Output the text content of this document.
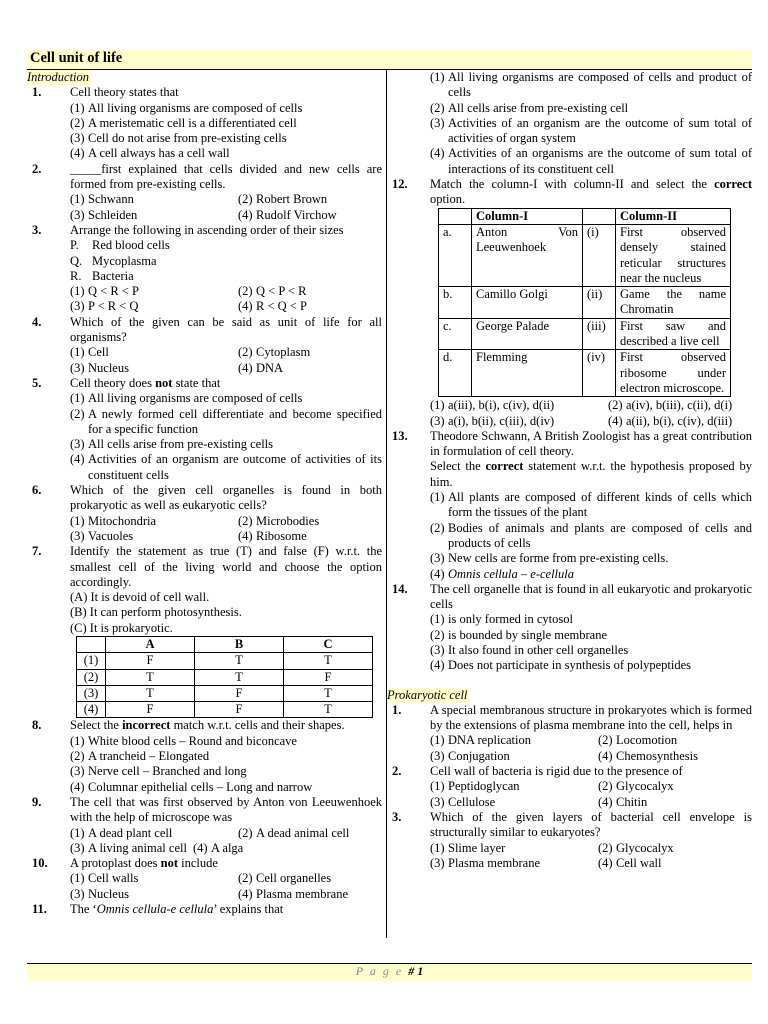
Cell unit of life
Introduction
1. Cell theory states that
(1) All living organisms are composed of cells
(2) A meristematic cell is a differentiated cell
(3) Cell do not arise from pre-existing cells
(4) A cell always has a cell wall
2. _____first explained that cells divided and new cells are formed from pre-existing cells.
(1) Schwann	(2) Robert Brown
(3) Schleiden	(4) Rudolf Virchow
3. Arrange the following in ascending order of their sizes
P. Red blood cells
Q. Mycoplasma
R. Bacteria
(1) Q < R < P	(2) Q < P < R
(3) P < R < Q	(4) R < Q < P
4. Which of the given can be said as unit of life for all organisms?
(1) Cell	(2) Cytoplasm
(3) Nucleus	(4) DNA
5. Cell theory does not state that
(1) All living organisms are composed of cells
(2) A newly formed cell differentiate and become specified for a specific function
(3) All cells arise from pre-existing cells
(4) Activities of an organism are outcome of activities of its constituent cells
6. Which of the given cell organelles is found in both prokaryotic as well as eukaryotic cells?
(1) Mitochondria	(2) Microbodies
(3) Vacuoles	(4) Ribosome
7. Identify the statement as true (T) and false (F) w.r.t. the smallest cell of the living world and choose the option accordingly.
(A) It is devoid of cell wall.
(B) It can perform photosynthesis.
(C) It is prokaryotic.
	A	B	C
(1)	F	T	T
(2)	T	T	F
(3)	T	F	T
(4)	F	F	T
8. Select the incorrect match w.r.t. cells and their shapes.
(1) White blood cells – Round and biconcave
(2) A trancheid – Elongated
(3) Nerve cell – Branched and long
(4) Columnar epithelial cells – Long and narrow
9. The cell that was first observed by Anton von Leeuwenhoek with the help of microscope was
(1) A dead plant cell	(2) A dead animal cell
(3) A living animal cell (4) A alga
10. A protoplast does not include
(1) Cell walls	(2) Cell organelles
(3) Nucleus	(4) Plasma membrane
11. The ‘Omnis cellula-e cellula’ explains that
(1) All living organisms are composed of cells and product of cells
(2) All cells arise from pre-existing cell
(3) Activities of an organism are the outcome of sum total of activities of organ system
(4) Activities of an organisms are the outcome of sum total of interactions of its constituent cell
12. Match the column-I with column-II and select the correct option.
	Column-I		Column-II
a.	Anton Von Leeuwenhoek	(i)	First observed densely stained reticular structures near the nucleus
b.	Camillo Golgi	(ii)	Game the name Chromatin
c.	George Palade	(iii)	First saw and described a live cell
d.	Flemming	(iv)	First observed ribosome under electron microscope.
(1) a(iii), b(i), c(iv), d(ii)	(2) a(iv), b(iii), c(ii), d(i)
(3) a(i), b(ii), c(iii), d(iv)	(4) a(ii), b(i), c(iv), d(iii)
13. Theodore Schwann, A British Zoologist has a great contribution in formulation of cell theory.
Select the correct statement w.r.t. the hypothesis proposed by him.
(1) All plants are composed of different kinds of cells which form the tissues of the plant
(2) Bodies of animals and plants are composed of cells and products of cells
(3) New cells are forme from pre-existing cells.
(4) Omnis cellula – e-cellula
14. The cell organelle that is found in all eukaryotic and prokaryotic cells
(1) is only formed in cytosol
(2) is bounded by single membrane
(3) It also found in other cell organelles
(4) Does not participate in synthesis of polypeptides
Prokaryotic cell
1. A special membranous structure in prokaryotes which is formed by the extensions of plasma membrane into the cell, helps in
(1) DNA replication	(2) Locomotion
(3) Conjugation	(4) Chemosynthesis
2. Cell wall of bacteria is rigid due to the presence of
(1) Peptidoglycan	(2) Glycocalyx
(3) Cellulose	(4) Chitin
3. Which of the given layers of bacterial cell envelope is structurally similar to eukaryotes?
(1) Slime layer	(2) Glycocalyx
(3) Plasma membrane	(4) Cell wall
P a g e # 1
